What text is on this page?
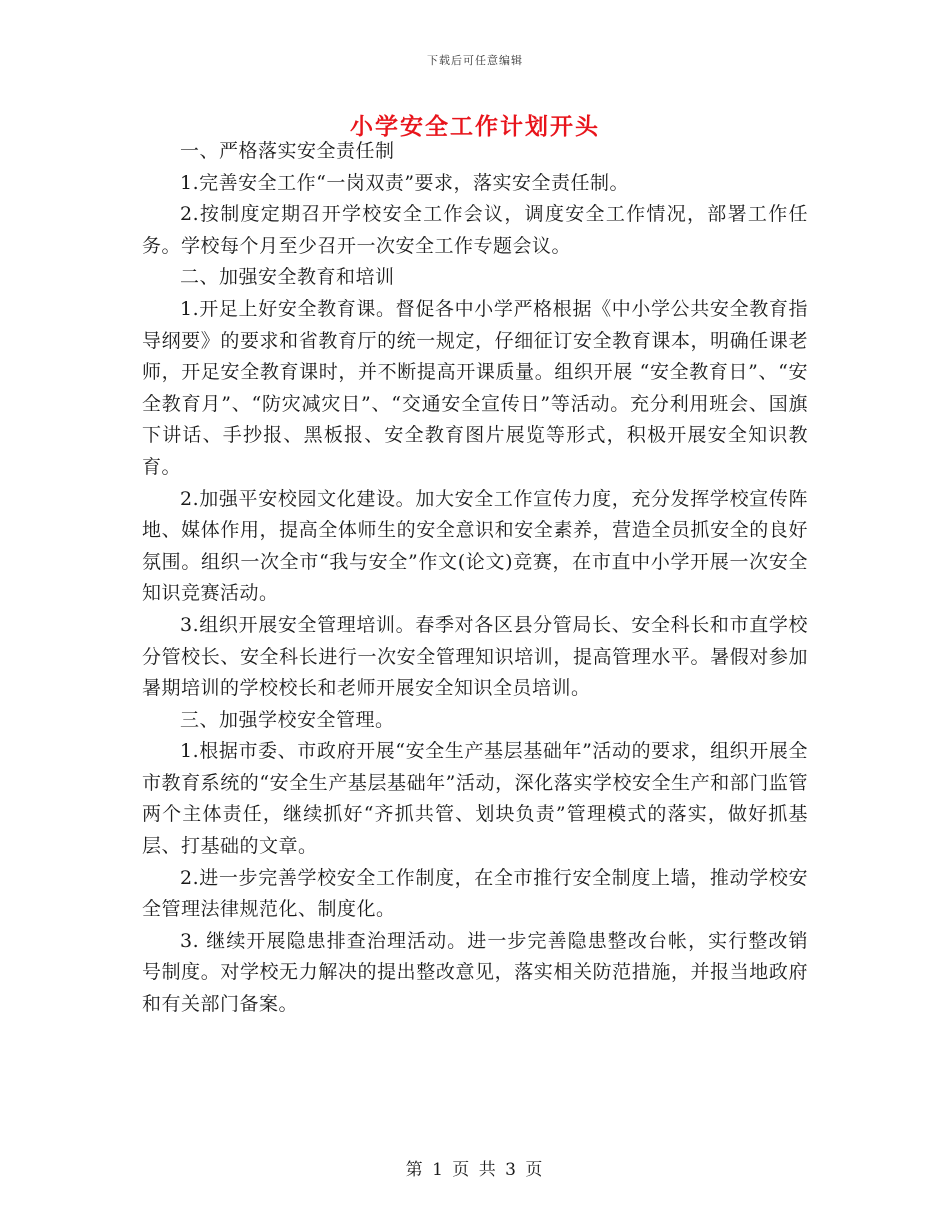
下载后可任意编辑
小学安全工作计划开头

一、严格落实安全责任制

1.完善安全工作“一岗双责”要求，落实安全责任制。

2.按制度定期召开学校安全工作会议，调度安全工作情况，部署工作任务。学校每个月至少召开一次安全工作专题会议。

二、加强安全教育和培训

1.开足上好安全教育课。督促各中小学严格根据《中小学公共安全教育指导纲要》的要求和省教育厅的统一规定，仔细征订安全教育课本，明确任课老师，开足安全教育课时，并不断提高开课质量。组织开展 “安全教育日”、“安全教育月”、“防灾减灾日”、“交通安全宣传日”等活动。充分利用班会、国旗下讲话、手抄报、黑板报、安全教育图片展览等形式，积极开展安全知识教育。

2.加强平安校园文化建设。加大安全工作宣传力度，充分发挥学校宣传阵地、媒体作用，提高全体师生的安全意识和安全素养，营造全员抓安全的良好氛围。组织一次全市“我与安全”作文(论文)竞赛，在市直中小学开展一次安全知识竞赛活动。

3.组织开展安全管理培训。春季对各区县分管局长、安全科长和市直学校分管校长、安全科长进行一次安全管理知识培训，提高管理水平。暑假对参加暑期培训的学校校长和老师开展安全知识全员培训。

三、加强学校安全管理。

1.根据市委、市政府开展“安全生产基层基础年”活动的要求，组织开展全市教育系统的“安全生产基层基础年”活动，深化落实学校安全生产和部门监管两个主体责任，继续抓好“齐抓共管、划块负责”管理模式的落实，做好抓基层、打基础的文章。

2.进一步完善学校安全工作制度，在全市推行安全制度上墙，推动学校安全管理法律规范化、制度化。

3. 继续开展隐患排查治理活动。进一步完善隐患整改台帐，实行整改销号制度。对学校无力解决的提出整改意见，落实相关防范措施，并报当地政府和有关部门备案。

第 1 页 共 3 页
